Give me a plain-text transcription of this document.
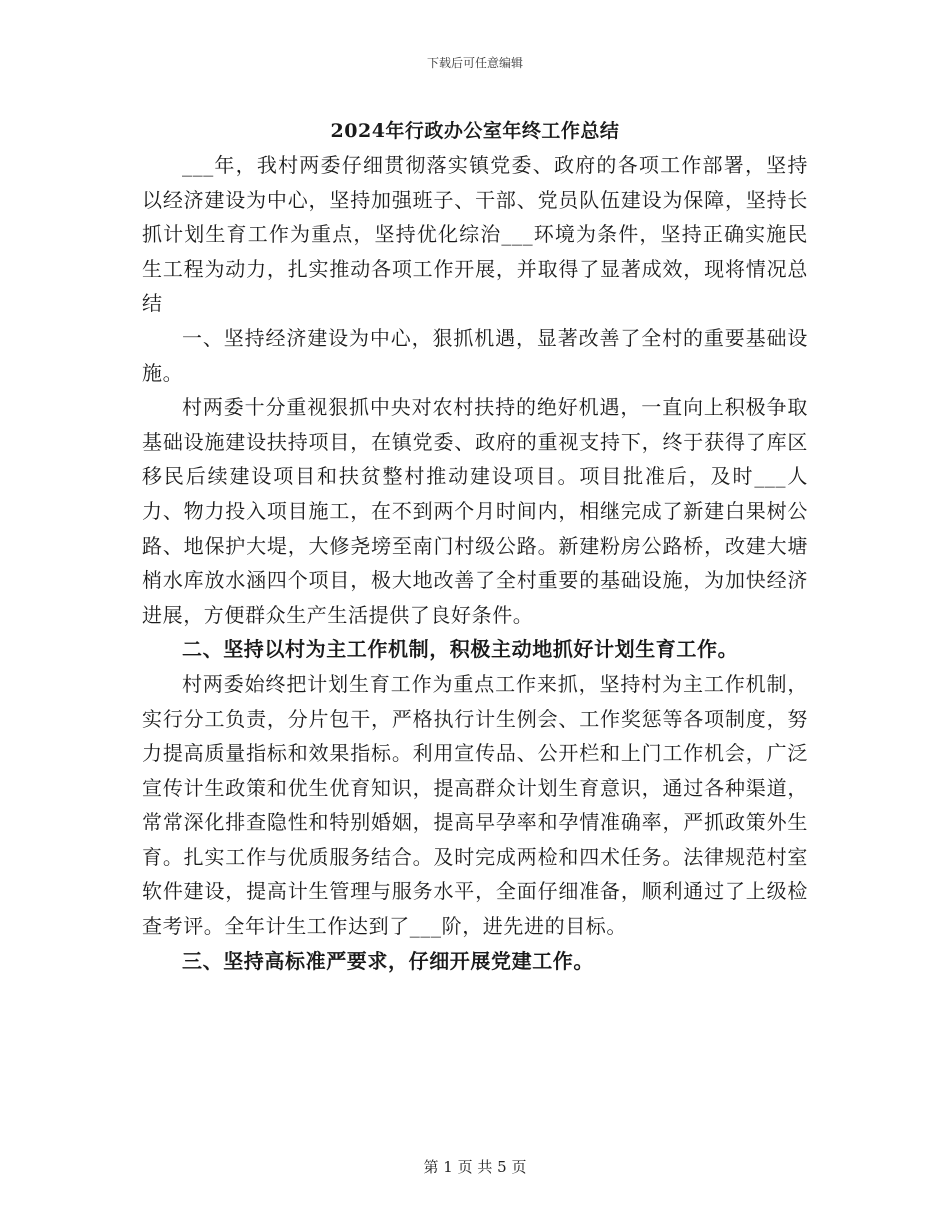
下载后可任意编辑
2024年行政办公室年终工作总结

___年，我村两委仔细贯彻落实镇党委、政府的各项工作部署，坚持以经济建设为中心，坚持加强班子、干部、党员队伍建设为保障，坚持长抓计划生育工作为重点，坚持优化综治___环境为条件，坚持正确实施民生工程为动力，扎实推动各项工作开展，并取得了显著成效，现将情况总结

一、坚持经济建设为中心，狠抓机遇，显著改善了全村的重要基础设施。

村两委十分重视狠抓中央对农村扶持的绝好机遇，一直向上积极争取基础设施建设扶持项目，在镇党委、政府的重视支持下，终于获得了库区移民后续建设项目和扶贫整村推动建设项目。项目批准后，及时___人力、物力投入项目施工，在不到两个月时间内，相继完成了新建白果树公路、地保护大堤，大修尧塝至南门村级公路。新建粉房公路桥，改建大塘梢水库放水涵四个项目，极大地改善了全村重要的基础设施，为加快经济进展，方便群众生产生活提供了良好条件。

二、坚持以村为主工作机制，积极主动地抓好计划生育工作。

村两委始终把计划生育工作为重点工作来抓，坚持村为主工作机制，实行分工负责，分片包干，严格执行计生例会、工作奖惩等各项制度，努力提高质量指标和效果指标。利用宣传品、公开栏和上门工作机会，广泛宣传计生政策和优生优育知识，提高群众计划生育意识，通过各种渠道，常常深化排查隐性和特别婚姻，提高早孕率和孕情准确率，严抓政策外生育。扎实工作与优质服务结合。及时完成两检和四术任务。法律规范村室软件建设，提高计生管理与服务水平，全面仔细准备，顺利通过了上级检查考评。全年计生工作达到了___阶，进先进的目标。

三、坚持高标准严要求，仔细开展党建工作。

第 1 页 共 5 页
